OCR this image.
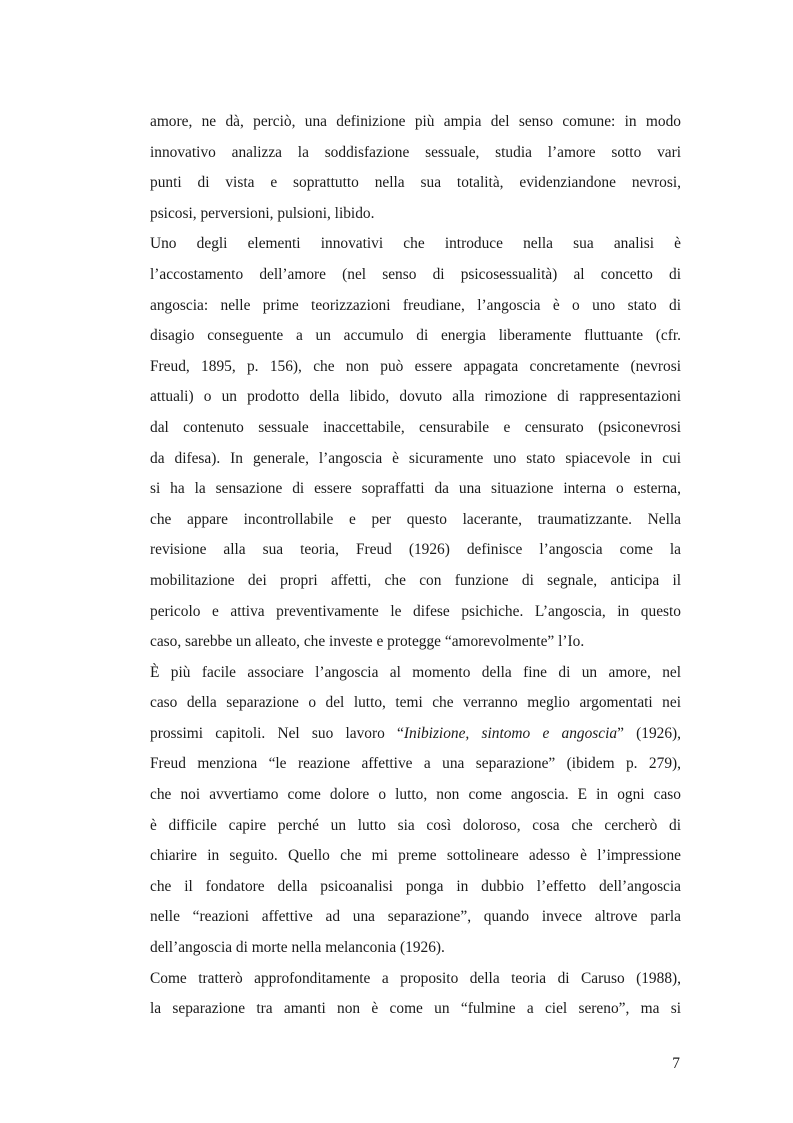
amore, ne dà, perciò, una definizione più ampia del senso comune: in modo
innovativo analizza la soddisfazione sessuale, studia l’amore sotto vari
punti di vista e soprattutto nella sua totalità, evidenziandone nevrosi,
psicosi, perversioni, pulsioni, libido.
Uno degli elementi innovativi che introduce nella sua analisi è
l’accostamento dell’amore (nel senso di psicosessualità) al concetto di
angoscia: nelle prime teorizzazioni freudiane, l’angoscia è o uno stato di
disagio conseguente a un accumulo di energia liberamente fluttuante (cfr.
Freud, 1895, p. 156), che non può essere appagata concretamente (nevrosi
attuali) o un prodotto della libido, dovuto alla rimozione di rappresentazioni
dal contenuto sessuale inaccettabile, censurabile e censurato (psiconevrosi
da difesa). In generale, l’angoscia è sicuramente uno stato spiacevole in cui
si ha la sensazione di essere sopraffatti da una situazione interna o esterna,
che appare incontrollabile e per questo lacerante, traumatizzante. Nella
revisione alla sua teoria, Freud (1926) definisce l’angoscia come la
mobilitazione dei propri affetti, che con funzione di segnale, anticipa il
pericolo e attiva preventivamente le difese psichiche. L’angoscia, in questo
caso, sarebbe un alleato, che investe e protegge “amorevolmente” l’Io.
È più facile associare l’angoscia al momento della fine di un amore, nel
caso della separazione o del lutto, temi che verranno meglio argomentati nei
prossimi capitoli. Nel suo lavoro “Inibizione, sintomo e angoscia” (1926),
Freud menziona “le reazione affettive a una separazione” (ibidem p. 279),
che noi avvertiamo come dolore o lutto, non come angoscia. E in ogni caso
è difficile capire perché un lutto sia così doloroso, cosa che cercherò di
chiarire in seguito. Quello che mi preme sottolineare adesso è l’impressione
che il fondatore della psicoanalisi ponga in dubbio l’effetto dell’angoscia
nelle “reazioni affettive ad una separazione”, quando invece altrove parla
dell’angoscia di morte nella melanconia (1926).
Come tratterò approfonditamente a proposito della teoria di Caruso (1988),
la separazione tra amanti non è come un “fulmine a ciel sereno”, ma si
7
